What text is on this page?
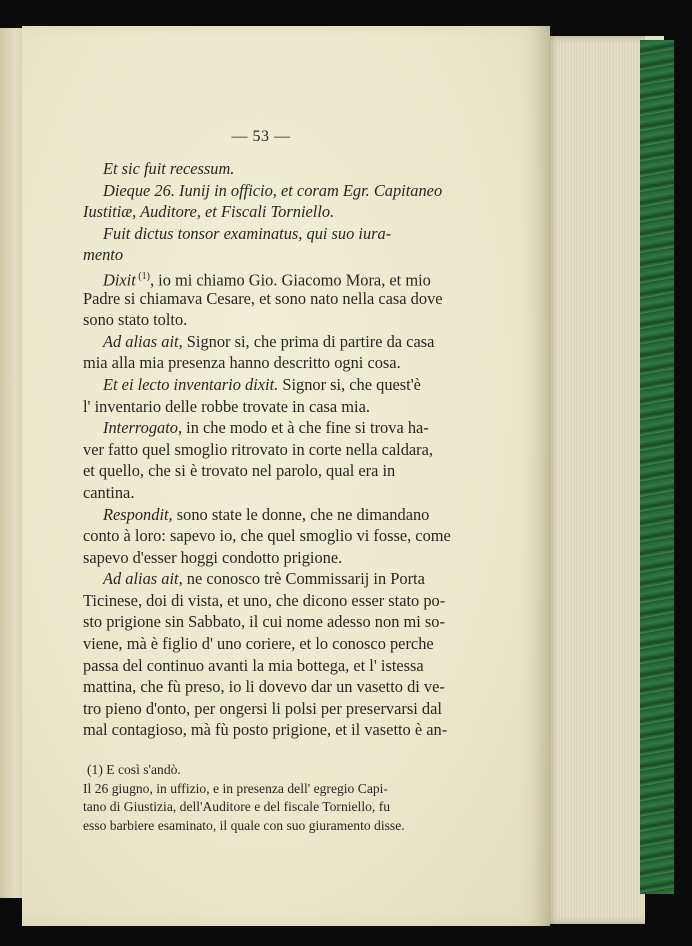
— 53 —
Et sic fuit recessum.
Dieque 26. Iunij in officio, et coram Egr. Capitaneo
Iustitiæ, Auditore, et Fiscali Torniello.
Fuit dictus tonsor examinatus, qui suo iura-
mento
Dixit $^{(1)}$, io mi chiamo Gio. Giacomo Mora, et mio
Padre si chiamava Cesare, et sono nato nella casa dove
sono stato tolto.
Ad alias ait, Signor si, che prima di partire da casa
mia alla mia presenza hanno descritto ogni cosa.
Et ei lecto inventario dixit. Signor si, che quest'è
l' inventario delle robbe trovate in casa mia.
Interrogato, in che modo et à che fine si trova ha-
ver fatto quel smoglio ritrovato in corte nella caldara,
et quello, che si è trovato nel parolo, qual era in
cantina.
Respondit, sono state le donne, che ne dimandano
conto à loro: sapevo io, che quel smoglio vi fosse, come
sapevo d'esser hoggi condotto prigione.
Ad alias ait, ne conosco trè Commissarij in Porta
Ticinese, doi di vista, et uno, che dicono esser stato po-
sto prigione sin Sabbato, il cui nome adesso non mi so-
viene, mà è figlio d' uno coriere, et lo conosco perche
passa del continuo avanti la mia bottega, et l' istessa
mattina, che fù preso, io li dovevo dar un vasetto di ve-
tro pieno d'onto, per ongersi li polsi per preservarsi dal
mal contagioso, mà fù posto prigione, et il vasetto è an-
(1) E così s'andò.
Il 26 giugno, in uffizio, e in presenza dell' egregio Capi-
tano di Giustizia, dell'Auditore e del fiscale Torniello, fu
esso barbiere esaminato, il quale con suo giuramento disse.
